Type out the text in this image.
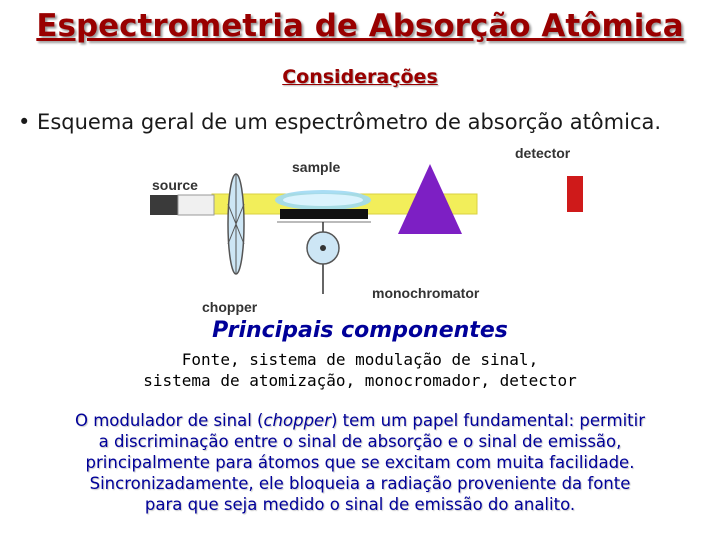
Espectrometria de Absorção Atômica
Considerações

• Esquema geral de um espectrômetro de absorção atômica.

source
chopper
sample
monochromator
detector
Principais componentes
Fonte, sistema de modulação de sinal,
sistema de atomização, monocromador, detector
O modulador de sinal (chopper) tem um papel fundamental: permitir
a discriminação entre o sinal de absorção e o sinal de emissão,
principalmente para átomos que se excitam com muita facilidade.
Sincronizadamente, ele bloqueia a radiação proveniente da fonte
para que seja medido o sinal de emissão do analito.
